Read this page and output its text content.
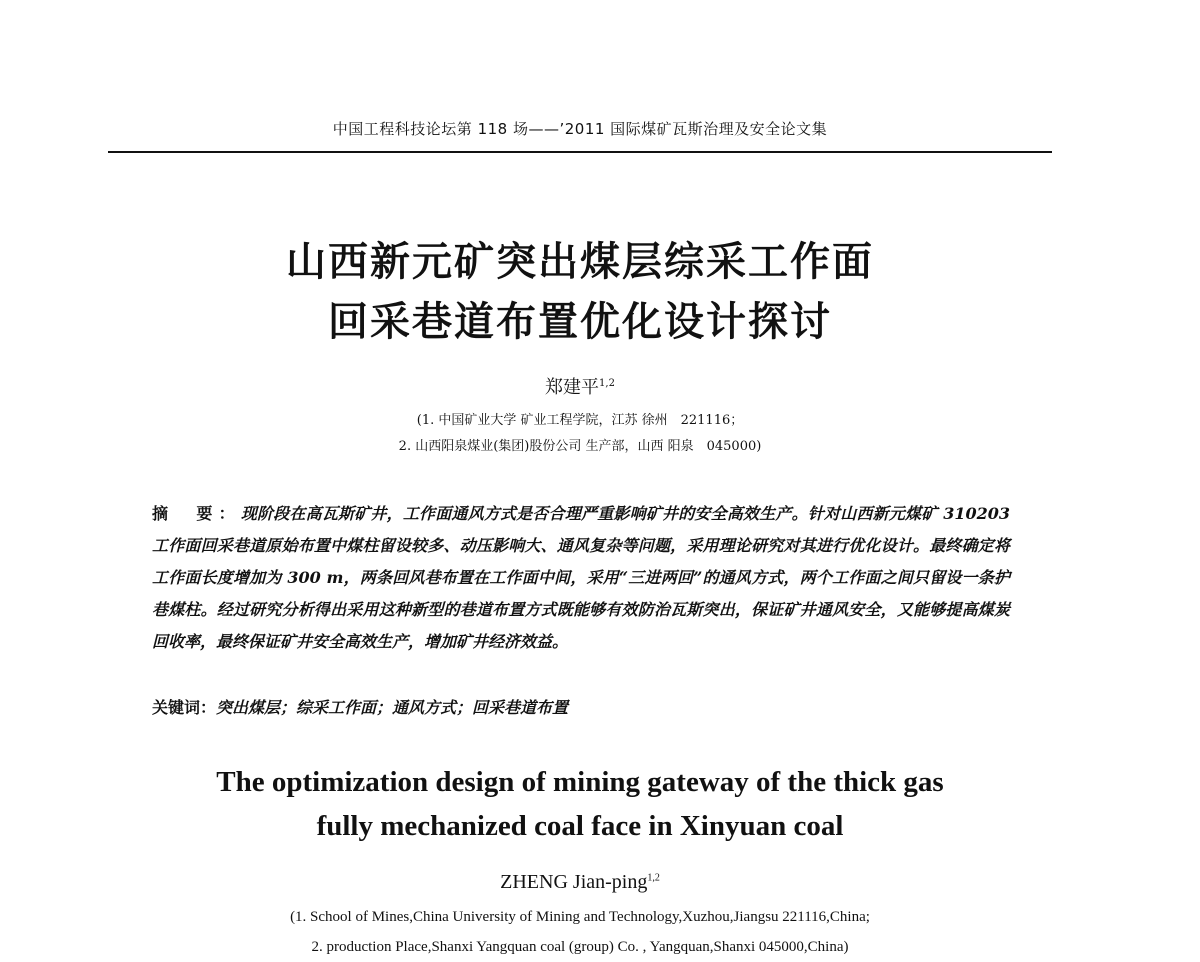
中国工程科技论坛第 118 场——’2011 国际煤矿瓦斯治理及安全论文集
山西新元矿突出煤层综采工作面
回采巷道布置优化设计探讨
郑建平$^{1,2}$
(1. 中国矿业大学 矿业工程学院，江苏 徐州　221116；
2. 山西阳泉煤业(集团)股份公司 生产部，山西 阳泉　045000)
摘　要：现阶段在高瓦斯矿井，工作面通风方式是否合理严重影响矿井的安全高效生产。针对山西新元煤矿 310203 工作面回采巷道原始布置中煤柱留设较多、动压影响大、通风复杂等问题，采用理论研究对其进行优化设计。最终确定将工作面长度增加为 300 m，两条回风巷布置在工作面中间，采用“三进两回”的通风方式，两个工作面之间只留设一条护巷煤柱。经过研究分析得出采用这种新型的巷道布置方式既能够有效防治瓦斯突出，保证矿井通风安全，又能够提高煤炭回收率，最终保证矿井安全高效生产，增加矿井经济效益。
关键词：突出煤层；综采工作面；通风方式；回采巷道布置
The optimization design of mining gateway of the thick gas
fully mechanized coal face in Xinyuan coal
ZHENG Jian-ping$^{1,2}$
(1. School of Mines,China University of Mining and Technology,Xuzhou,Jiangsu 221116,China;
2. production Place,Shanxi Yangquan coal (group) Co. , Yangquan,Shanxi 045000,China)
